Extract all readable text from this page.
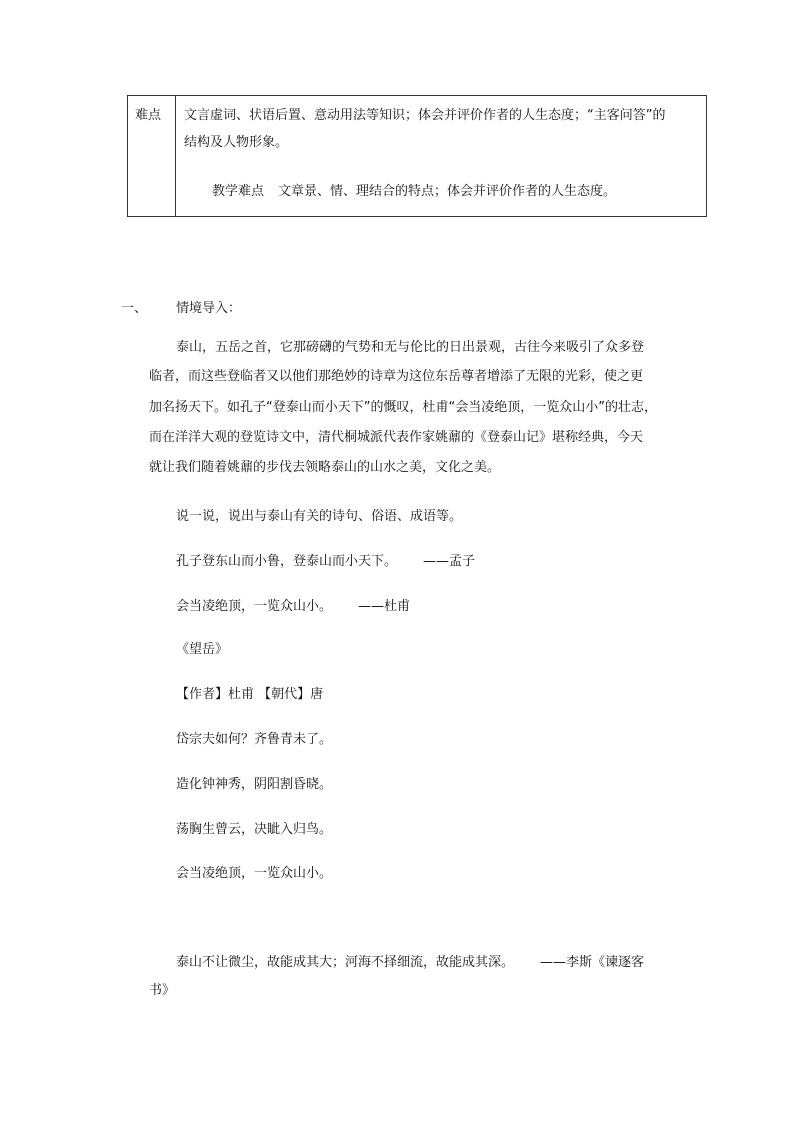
难点 文言虚词、状语后置、意动用法等知识；体会并评价作者的人生态度；“主客问答”的
结构及人物形象。
教学难点 文章景、情、理结合的特点；体会并评价作者的人生态度。
一、 情境导入：
泰山，五岳之首，它那磅礴的气势和无与伦比的日出景观，古往今来吸引了众多登
临者，而这些登临者又以他们那绝妙的诗章为这位东岳尊者增添了无限的光彩，使之更
加名扬天下。如孔子“登泰山而小天下”的慨叹，杜甫“会当凌绝顶，一览众山小”的壮志，
而在洋洋大观的登览诗文中，清代桐城派代表作家姚鼐的《登泰山记》堪称经典，今天
就让我们随着姚鼐的步伐去领略泰山的山水之美，文化之美。
说一说，说出与泰山有关的诗句、俗语、成语等。
孔子登东山而小鲁，登泰山而小天下。 ——孟子
会当凌绝顶，一览众山小。 ——杜甫
《望岳》
【作者】杜甫 【朝代】唐
岱宗夫如何？齐鲁青未了。
造化钟神秀，阴阳割昏晓。
荡胸生曾云，决眦入归鸟。
会当凌绝顶，一览众山小。
泰山不让微尘，故能成其大；河海不择细流，故能成其深。 ——李斯《谏逐客
书》
